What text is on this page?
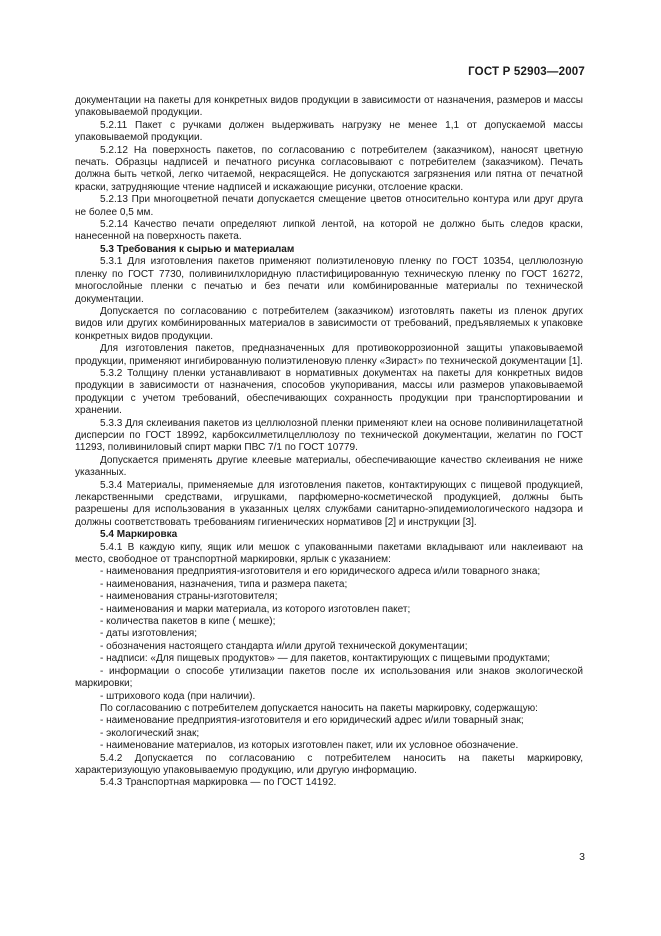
ГОСТ Р 52903—2007

документации на пакеты для конкретных видов продукции в зависимости от назначения, размеров и массы упаковываемой продукции.

5.2.11 Пакет с ручками должен выдерживать нагрузку не менее 1,1 от допускаемой массы упаковываемой продукции.

5.2.12 На поверхность пакетов, по согласованию с потребителем (заказчиком), наносят цветную печать. Образцы надписей и печатного рисунка согласовывают с потребителем (заказчиком). Печать должна быть четкой, легко читаемой, некрасящейся. Не допускаются загрязнения или пятна от печатной краски, затрудняющие чтение надписей и искажающие рисунки, отслоение краски.

5.2.13 При многоцветной печати допускается смещение цветов относительно контура или друг друга не более 0,5 мм.

5.2.14 Качество печати определяют липкой лентой, на которой не должно быть следов краски, нанесенной на поверхность пакета.

5.3 Требования к сырью и материалам

5.3.1 Для изготовления пакетов применяют полиэтиленовую пленку по ГОСТ 10354, целлюлозную пленку по ГОСТ 7730, поливинилхлоридную пластифицированную техническую пленку по ГОСТ 16272, многослойные пленки с печатью и без печати или комбинированные материалы по технической документации.

Допускается по согласованию с потребителем (заказчиком) изготовлять пакеты из пленок других видов или других комбинированных материалов в зависимости от требований, предъявляемых к упаковке конкретных видов продукции.

Для изготовления пакетов, предназначенных для противокоррозионной защиты упаковываемой продукции, применяют ингибированную полиэтиленовую пленку «Зираст» по технической документации [1].

5.3.2 Толщину пленки устанавливают в нормативных документах на пакеты для конкретных видов продукции в зависимости от назначения, способов укупоривания, массы или размеров упаковываемой продукции с учетом требований, обеспечивающих сохранность продукции при транспортировании и хранении.

5.3.3 Для склеивания пакетов из целлюлозной пленки применяют клеи на основе поливинилацетатной дисперсии по ГОСТ 18992, карбоксилметилцеллюлозу по технической документации, желатин по ГОСТ 11293, поливиниловый спирт марки ПВС 7/1 по ГОСТ 10779.

Допускается применять другие клеевые материалы, обеспечивающие качество склеивания не ниже указанных.

5.3.4 Материалы, применяемые для изготовления пакетов, контактирующих с пищевой продукцией, лекарственными средствами, игрушками, парфюмерно-косметической продукцией, должны быть разрешены для использования в указанных целях службами санитарно-эпидемиологического надзора и должны соответствовать требованиям гигиенических нормативов [2] и инструкции [3].

5.4 Маркировка

5.4.1 В каждую кипу, ящик или мешок с упакованными пакетами вкладывают или наклеивают на место, свободное от транспортной маркировки, ярлык с указанием:

- наименования предприятия-изготовителя и его юридического адреса и/или товарного знака;

- наименования, назначения, типа и размера пакета;

- наименования страны-изготовителя;

- наименования и марки материала, из которого изготовлен пакет;

- количества пакетов в кипе ( мешке);

- даты изготовления;

- обозначения настоящего стандарта и/или другой технической документации;

- надписи: «Для пищевых продуктов» — для пакетов, контактирующих с пищевыми продуктами;

- информации о способе утилизации пакетов после их использования или знаков экологической маркировки;

- штрихового кода (при наличии).

По согласованию с потребителем допускается наносить на пакеты маркировку, содержащую:

- наименование предприятия-изготовителя и его юридический адрес и/или товарный знак;

- экологический знак;

- наименование материалов, из которых изготовлен пакет, или их условное обозначение.

5.4.2 Допускается по согласованию с потребителем наносить на пакеты маркировку, характеризующую упаковываемую продукцию, или другую информацию.

5.4.3 Транспортная маркировка — по ГОСТ 14192.

3
